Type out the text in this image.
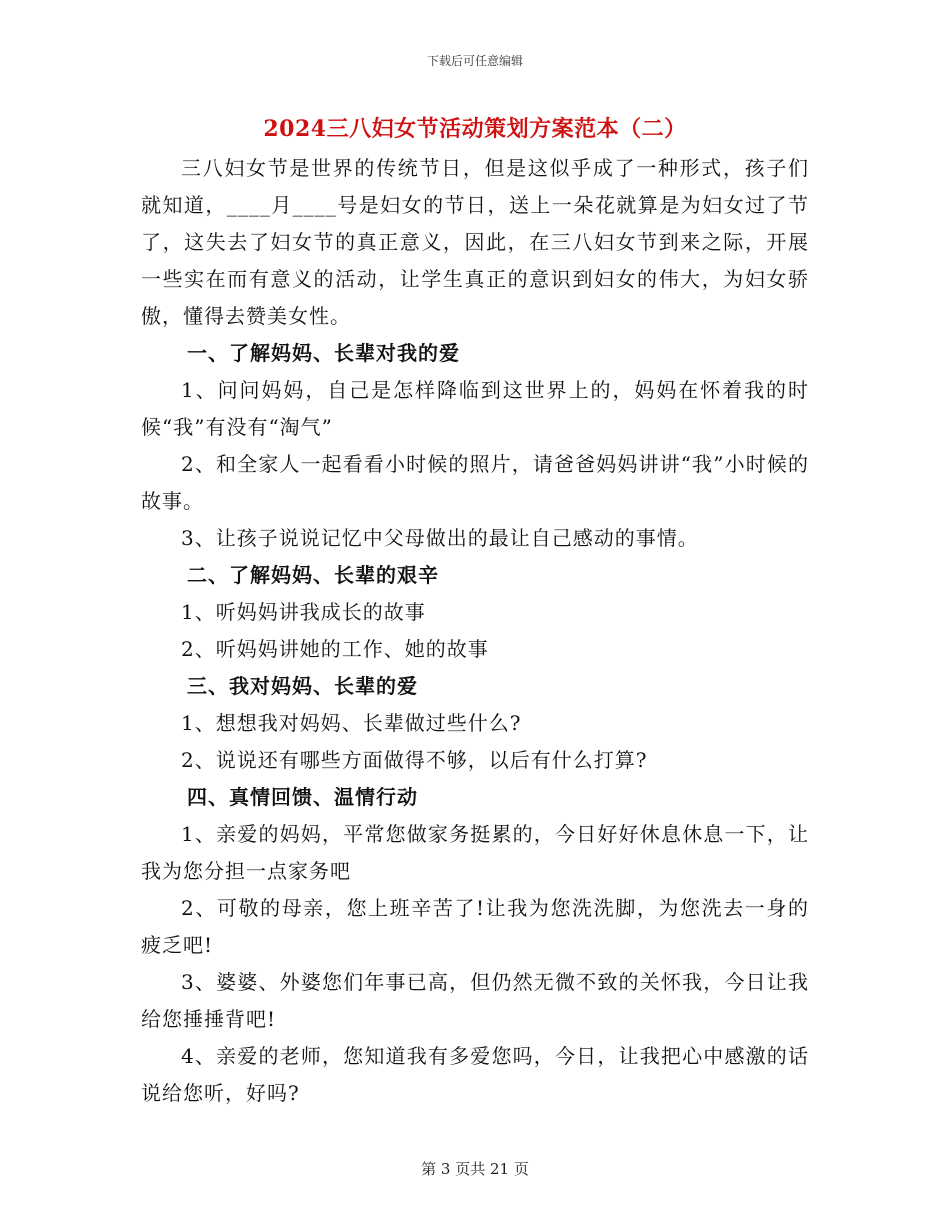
下载后可任意编辑
2024三八妇女节活动策划方案范本（二）

三八妇女节是世界的传统节日，但是这似乎成了一种形式，孩子们就知道，____月____号是妇女的节日，送上一朵花就算是为妇女过了节了，这失去了妇女节的真正意义，因此，在三八妇女节到来之际，开展一些实在而有意义的活动，让学生真正的意识到妇女的伟大，为妇女骄傲，懂得去赞美女性。

一、了解妈妈、长辈对我的爱

1、问问妈妈，自己是怎样降临到这世界上的，妈妈在怀着我的时候“我”有没有“淘气”

2、和全家人一起看看小时候的照片，请爸爸妈妈讲讲“我”小时候的故事。

3、让孩子说说记忆中父母做出的最让自己感动的事情。

二、了解妈妈、长辈的艰辛

1、听妈妈讲我成长的故事

2、听妈妈讲她的工作、她的故事

三、我对妈妈、长辈的爱

1、想想我对妈妈、长辈做过些什么?

2、说说还有哪些方面做得不够，以后有什么打算?

四、真情回馈、温情行动

1、亲爱的妈妈，平常您做家务挺累的，今日好好休息休息一下，让我为您分担一点家务吧

2、可敬的母亲，您上班辛苦了!让我为您洗洗脚，为您洗去一身的疲乏吧!

3、婆婆、外婆您们年事已高，但仍然无微不致的关怀我，今日让我给您捶捶背吧!

4、亲爱的老师，您知道我有多爱您吗，今日，让我把心中感激的话说给您听，好吗?

第 3 页共 21 页
